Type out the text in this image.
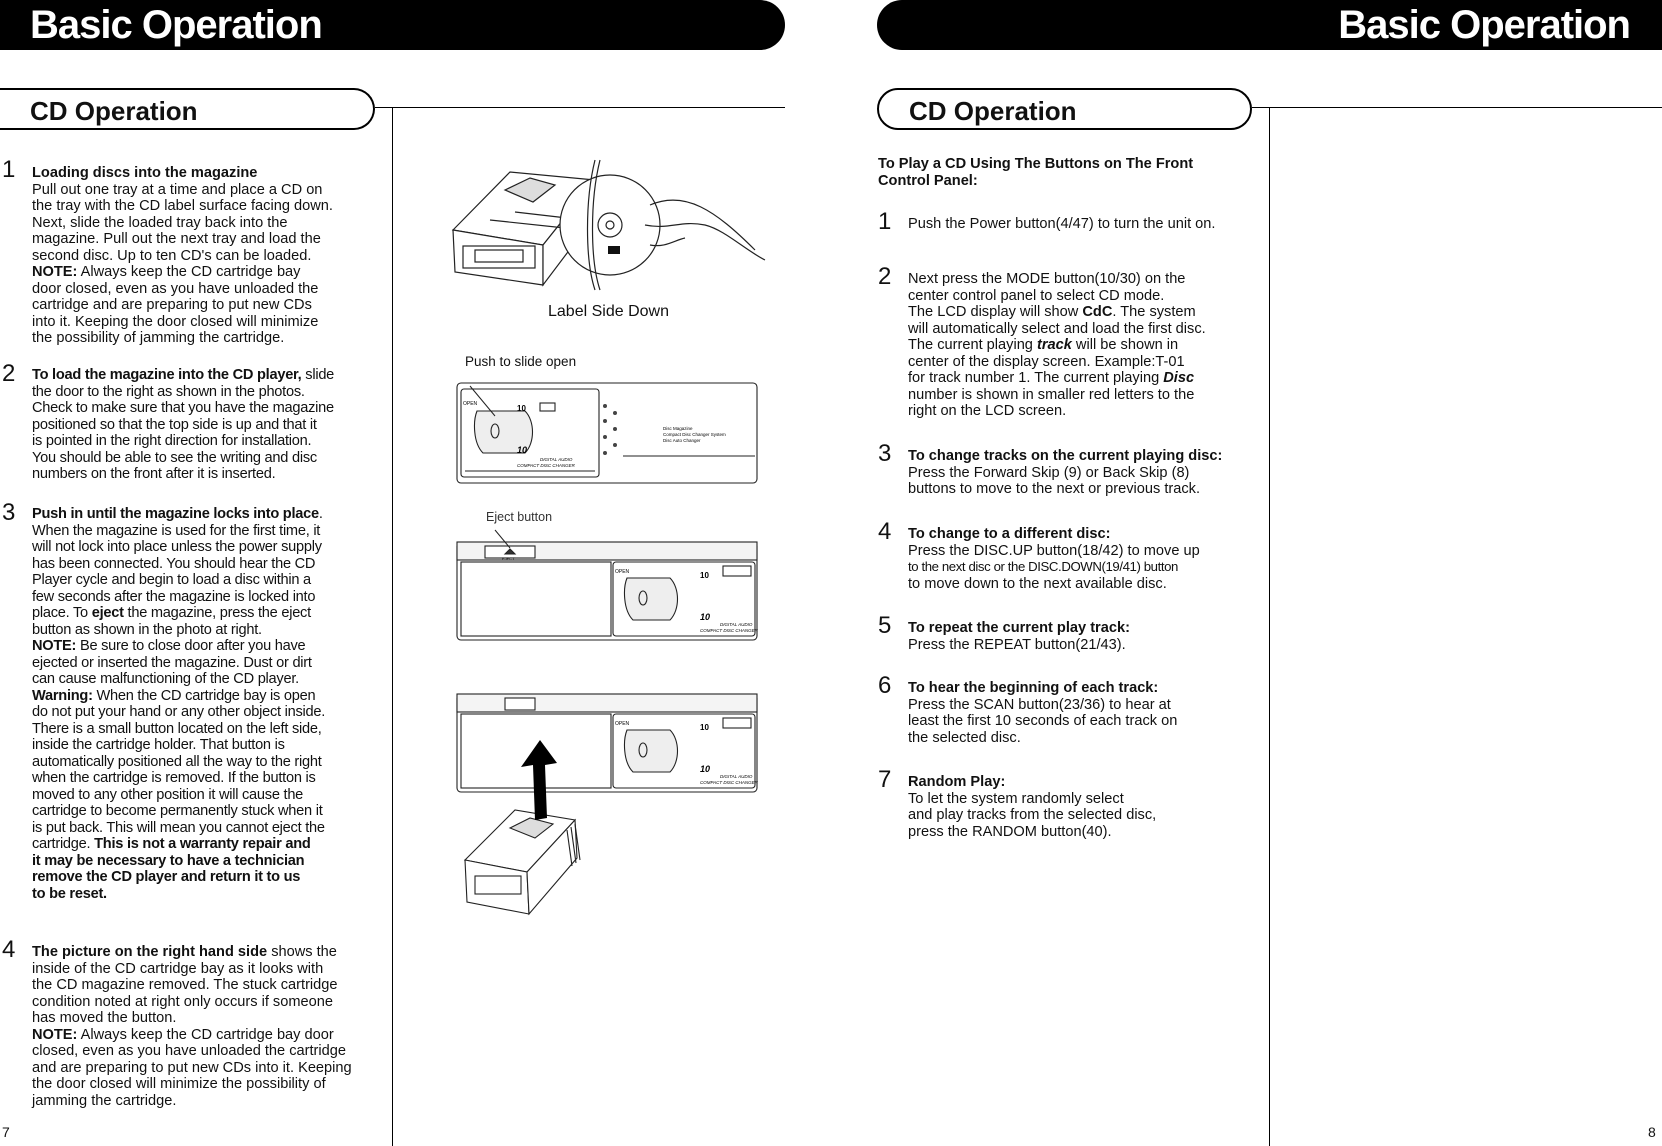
Basic Operation	Basic Operation
CD Operation	CD Operation
1 Loading discs into the magazine
Pull out one tray at a time and place a CD on
the tray with the CD label surface facing down.
Next, slide the loaded tray back into the
magazine. Pull out the next tray and load the
second disc. Up to ten CD's can be loaded.
NOTE: Always keep the CD cartridge bay
door closed, even as you have unloaded the
cartridge and are preparing to put new CDs
into it. Keeping the door closed will minimize
the possibility of jamming the cartridge.
2 To load the magazine into the CD player, slide
the door to the right as shown in the photos.
Check to make sure that you have the magazine
positioned so that the top side is up and that it
is pointed in the right direction for installation.
You should be able to see the writing and disc
numbers on the front after it is inserted.
3 Push in until the magazine locks into place.
When the magazine is used for the first time, it
will not lock into place unless the power supply
has been connected. You should hear the CD
Player cycle and begin to load a disc within a
few seconds after the magazine is locked into
place. To eject the magazine, press the eject
button as shown in the photo at right.
NOTE: Be sure to close door after you have
ejected or inserted the magazine. Dust or dirt
can cause malfunctioning of the CD player.
Warning: When the CD cartridge bay is open
do not put your hand or any other object inside.
There is a small button located on the left side,
inside the cartridge holder. That button is
automatically positioned all the way to the right
when the cartridge is removed. If the button is
moved to any other position it will cause the
cartridge to become permanently stuck when it
is put back. This will mean you cannot eject the
cartridge. This is not a warranty repair and
it may be necessary to have a technician
remove the CD player and return it to us
to be reset.
4 The picture on the right hand side shows the
inside of the CD cartridge bay as it looks with
the CD magazine removed. The stuck cartridge
condition noted at right only occurs if someone
has moved the button.
NOTE: Always keep the CD cartridge bay door
closed, even as you have unloaded the cartridge
and are preparing to put new CDs into it. Keeping
the door closed will minimize the possibility of
jamming the cartridge.
7
To Play a CD Using The Buttons on The Front
Control Panel:
1 Push the Power button(4/47) to turn the unit on.
2 Next press the MODE button(10/30) on the
center control panel to select CD mode.
The LCD display will show CdC. The system
will automatically select and load the first disc.
The current playing track will be shown in
center of the display screen. Example:T-01
for track number 1. The current playing Disc
number is shown in smaller red letters to the
right on the LCD screen.
3 To change tracks on the current playing disc:
Press the Forward Skip (9) or Back Skip (8)
buttons to move to the next or previous track.
4 To change to a different disc:
Press the DISC.UP button(18/42) to move up
to the next disc or the DISC.DOWN(19/41) button
to move down to the next available disc.
5 To repeat the current play track:
Press the REPEAT button(21/43).
6 To hear the beginning of each track:
Press the SCAN button(23/36) to hear at
least the first 10 seconds of each track on
the selected disc.
7 Random Play:
To let the system randomly select
and play tracks from the selected disc,
press the RANDOM button(40).
8
Label Side Down
Push to slide open
Eject button
OPEN	10
10
DIGITAL AUDIO
COMPACT DISC CHANGER
Disc Magazine
Compact Disc Changer System
Disc Auto Changer
EJECT
OPEN	10
10
DIGITAL AUDIO
COMPACT DISC CHANGER
OPEN	10
10
DIGITAL AUDIO
COMPACT DISC CHANGER
